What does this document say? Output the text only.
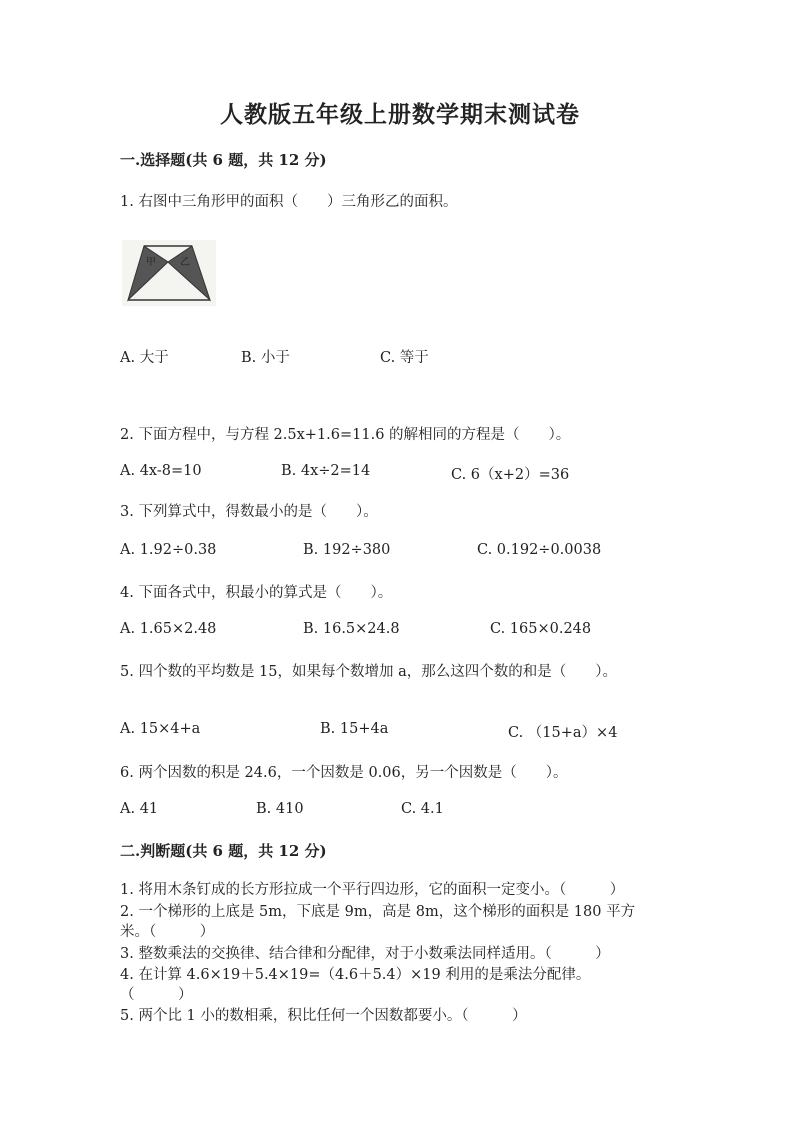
人教版五年级上册数学期末测试卷
一.选择题(共 6 题，共 12 分)
1. 右图中三角形甲的面积（　　）三角形乙的面积。
甲 乙
A. 大于	B. 小于	C. 等于
2. 下面方程中，与方程 2.5x+1.6=11.6 的解相同的方程是（　　）。
A. 4x-8=10	B. 4x÷2=14	C. 6（x+2）=36
3. 下列算式中，得数最小的是（　　）。
A. 1.92÷0.38	B. 192÷380	C. 0.192÷0.0038
4. 下面各式中，积最小的算式是（　　）。
A. 1.65×2.48	B. 16.5×24.8	C. 165×0.248
5. 四个数的平均数是 15，如果每个数增加 a，那么这四个数的和是（　　）。
A. 15×4+a	B. 15+4a	C. （15+a）×4
6. 两个因数的积是 24.6，一个因数是 0.06，另一个因数是（　　）。
A. 41	B. 410	C. 4.1
二.判断题(共 6 题，共 12 分)
1. 将用木条钉成的长方形拉成一个平行四边形，它的面积一定变小。（　　　）
2. 一个梯形的上底是 5m，下底是 9m，高是 8m，这个梯形的面积是 180 平方
米。（　　　）
3. 整数乘法的交换律、结合律和分配律，对于小数乘法同样适用。（　　　）
4. 在计算 4.6×19＋5.4×19=（4.6＋5.4）×19 利用的是乘法分配律。
（　　　）
5. 两个比 1 小的数相乘，积比任何一个因数都要小。（　　　）
